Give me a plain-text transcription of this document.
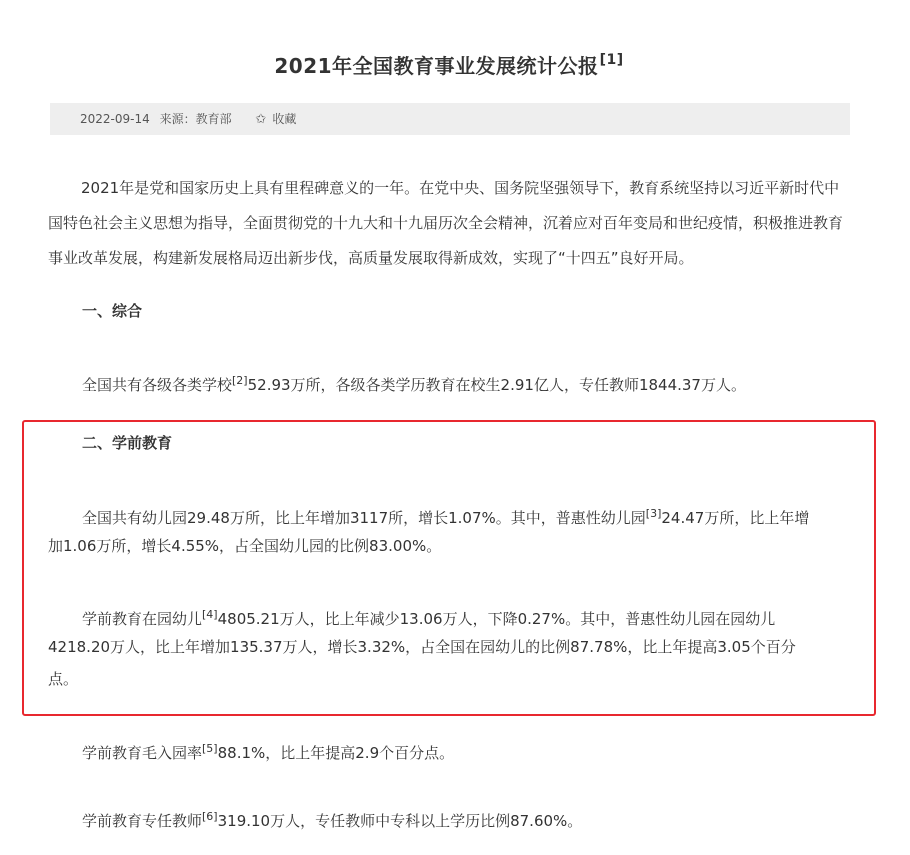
2021年全国教育事业发展统计公报[1]
2022-09-14 来源：教育部 ✩ 收藏
2021年是党和国家历史上具有里程碑意义的一年。在党中央、国务院坚强领导下，教育系统坚持以习近平新时代中国特色社会主义思想为指导，全面贯彻党的十九大和十九届历次全会精神，沉着应对百年变局和世纪疫情，积极推进教育事业改革发展，构建新发展格局迈出新步伐，高质量发展取得新成效，实现了“十四五”良好开局。
一、综合
全国共有各级各类学校[2]52.93万所，各级各类学历教育在校生2.91亿人，专任教师1844.37万人。
二、学前教育
全国共有幼儿园29.48万所，比上年增加3117所，增长1.07%。其中，普惠性幼儿园[3]24.47万所，比上年增
加1.06万所，增长4.55%，占全国幼儿园的比例83.00%。
学前教育在园幼儿[4]4805.21万人，比上年减少13.06万人，下降0.27%。其中，普惠性幼儿园在园幼儿
4218.20万人，比上年增加135.37万人，增长3.32%，占全国在园幼儿的比例87.78%，比上年提高3.05个百分
点。
学前教育毛入园率[5]88.1%，比上年提高2.9个百分点。
学前教育专任教师[6]319.10万人，专任教师中专科以上学历比例87.60%。
